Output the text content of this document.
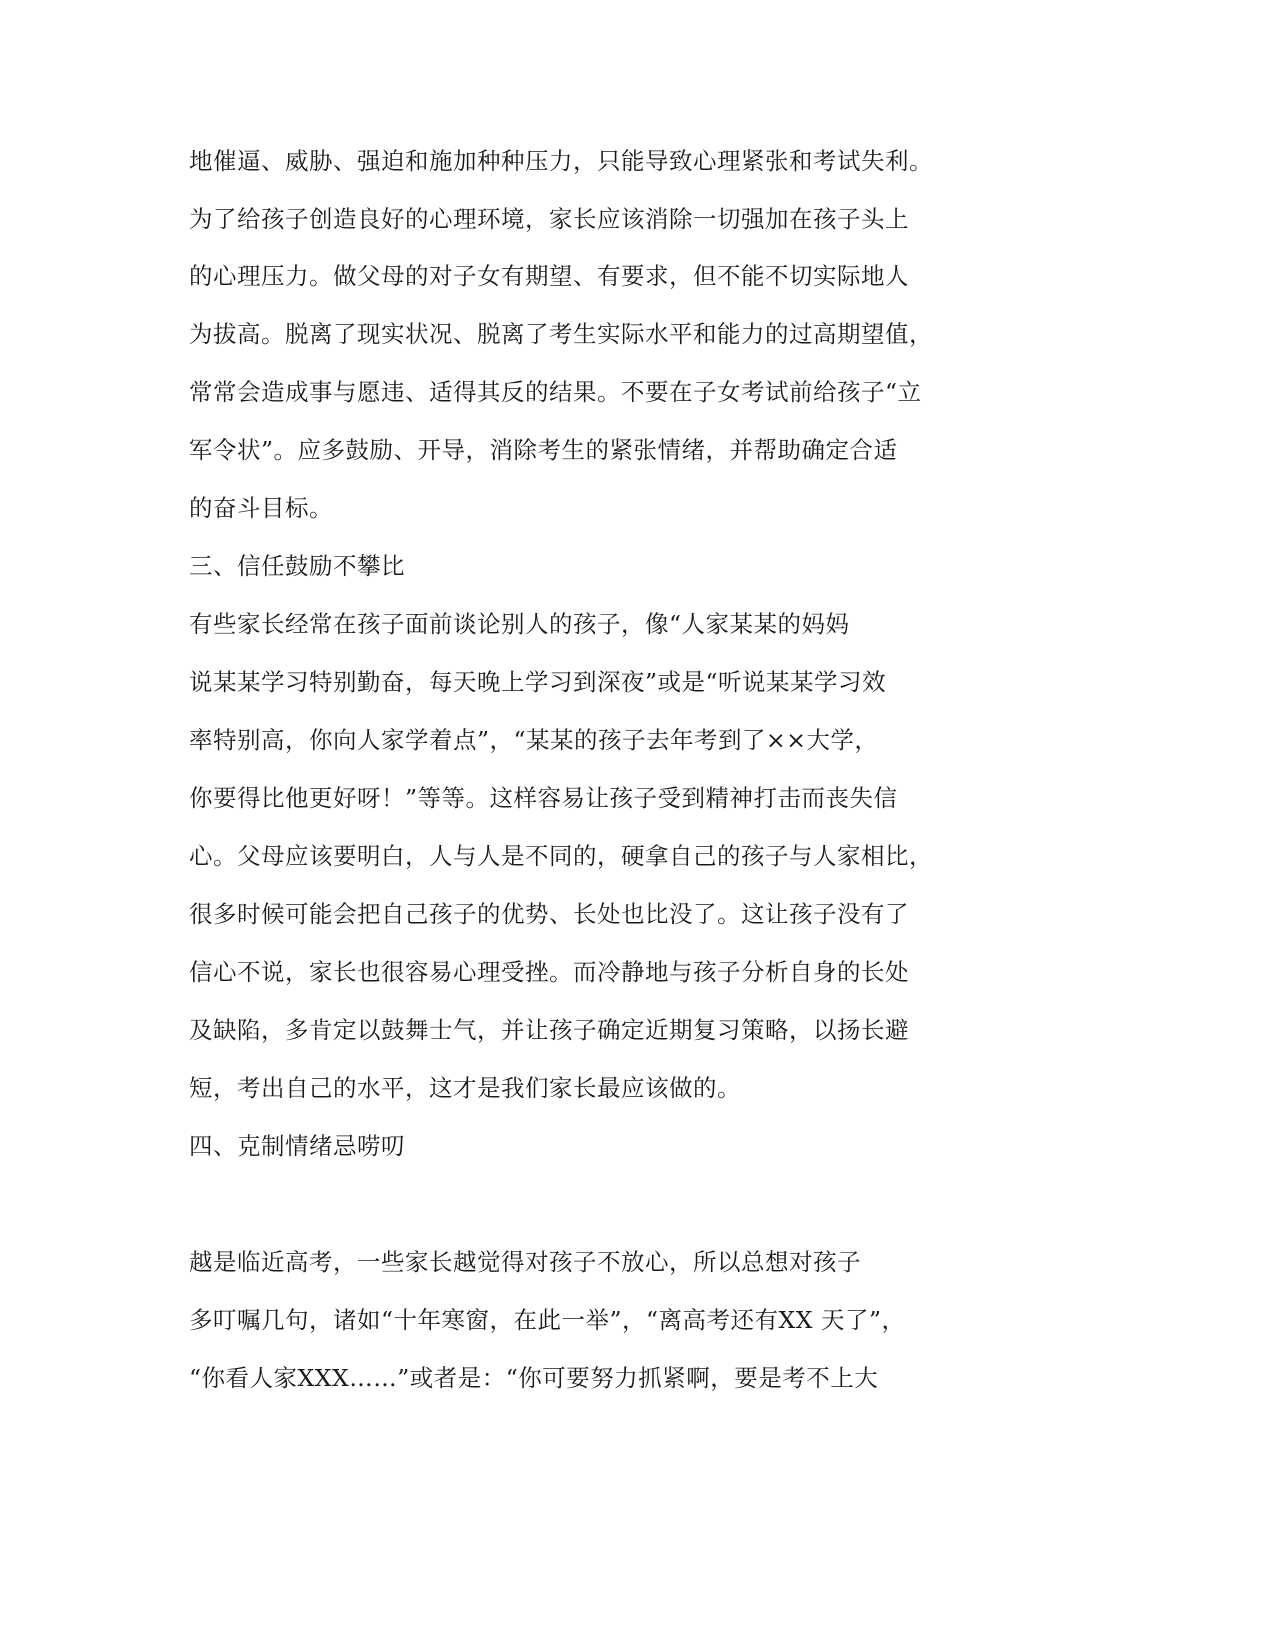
地催逼、威胁、强迫和施加种种压力，只能导致心理紧张和考试失利。
为了给孩子创造良好的心理环境，家长应该消除一切强加在孩子头上
的心理压力。做父母的对子女有期望、有要求，但不能不切实际地人
为拔高。脱离了现实状况、脱离了考生实际水平和能力的过高期望值，
常常会造成事与愿违、适得其反的结果。不要在子女考试前给孩子“立
军令状”。应多鼓励、开导，消除考生的紧张情绪，并帮助确定合适
的奋斗目标。
三、信任鼓励不攀比
有些家长经常在孩子面前谈论别人的孩子，像“人家某某的妈妈
说某某学习特别勤奋，每天晚上学习到深夜”或是“听说某某学习效
率特别高，你向人家学着点”，“某某的孩子去年考到了××大学，
你要得比他更好呀！”等等。这样容易让孩子受到精神打击而丧失信
心。父母应该要明白，人与人是不同的，硬拿自己的孩子与人家相比，
很多时候可能会把自己孩子的优势、长处也比没了。这让孩子没有了
信心不说，家长也很容易心理受挫。而冷静地与孩子分析自身的长处
及缺陷，多肯定以鼓舞士气，并让孩子确定近期复习策略，以扬长避
短，考出自己的水平，这才是我们家长最应该做的。
四、克制情绪忌唠叨
越是临近高考，一些家长越觉得对孩子不放心，所以总想对孩子
多叮嘱几句，诸如“十年寒窗，在此一举”，“离高考还有XX 天了”，
“你看人家XXX……”或者是：“你可要努力抓紧啊，要是考不上大
